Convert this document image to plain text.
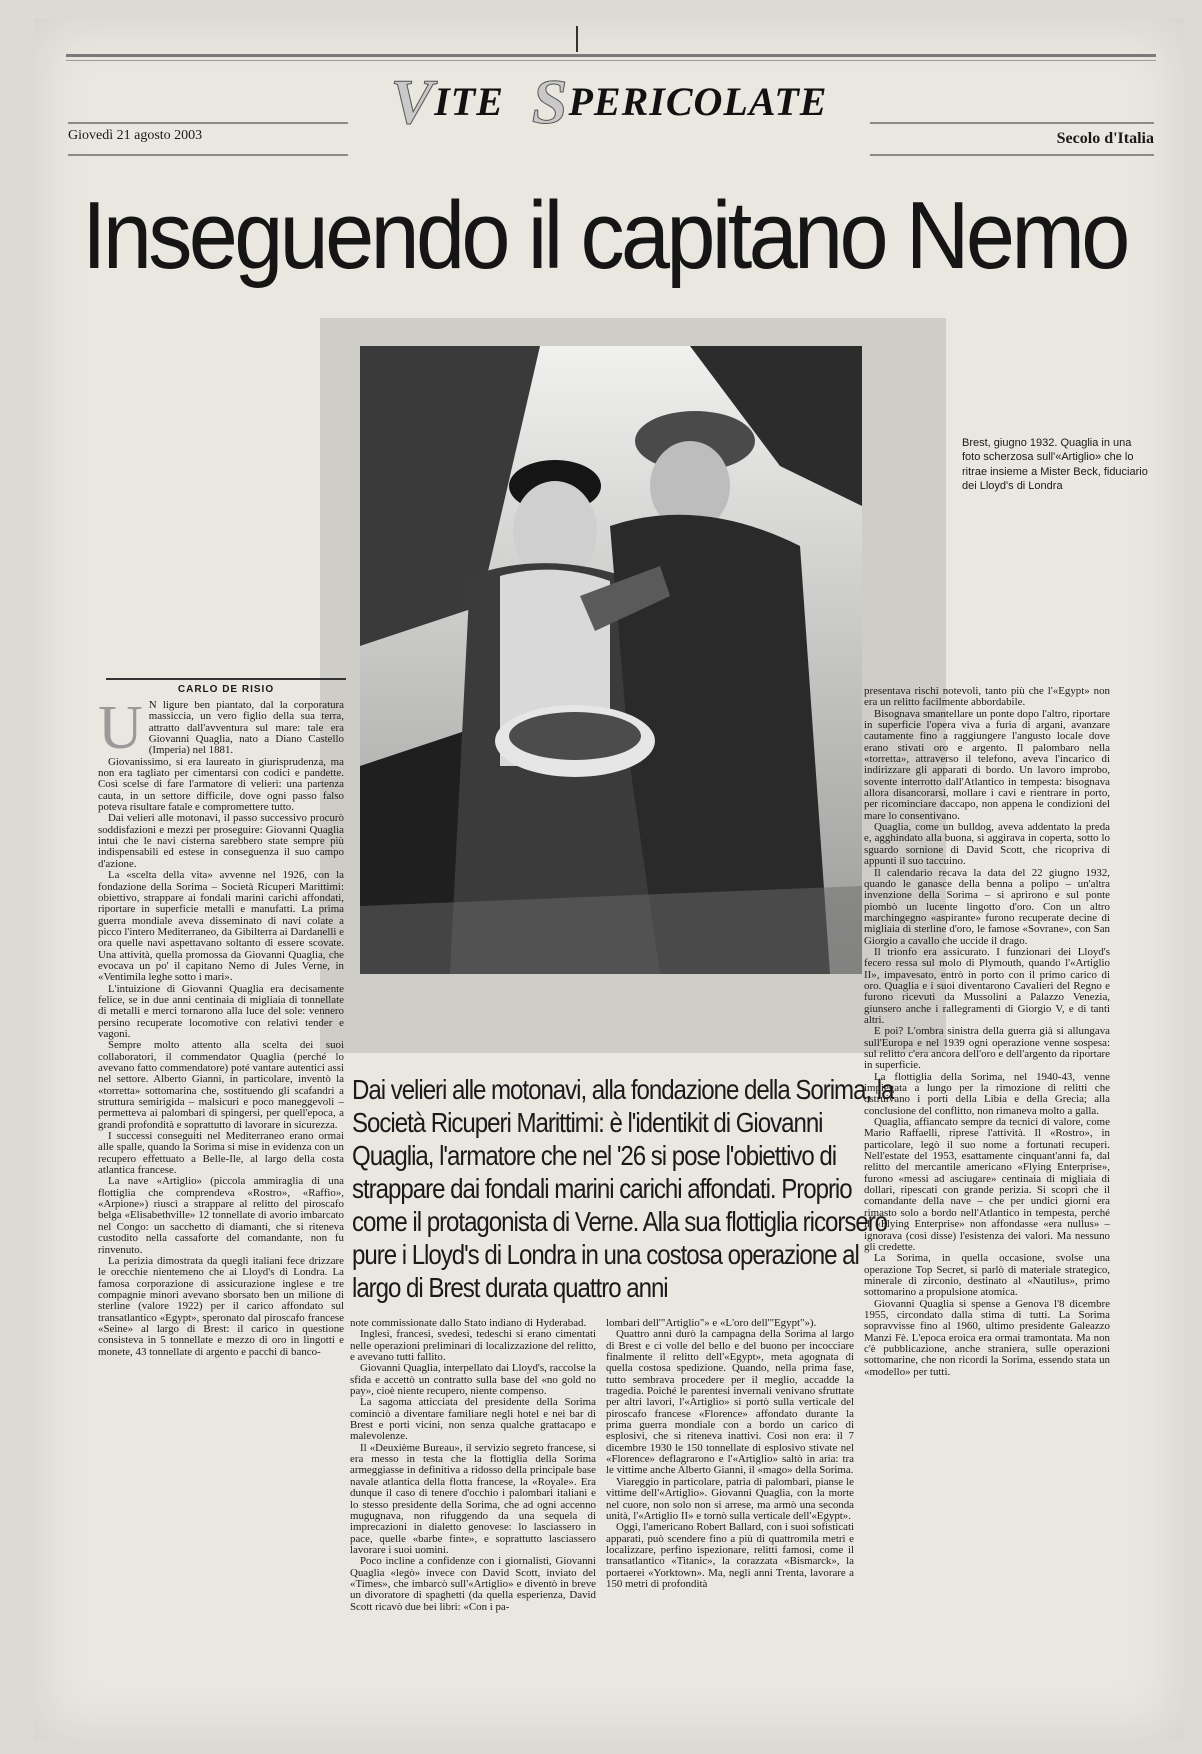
V ITE S PERICOLATE
Giovedì 21 agosto 2003	Secolo d'Italia
Inseguendo il capitano Nemo
Brest, giugno 1932. Quaglia in una foto scherzosa sull'«Artiglio» che lo ritrae insieme a Mister Beck, fiduciario dei Lloyd's di Londra
CARLO DE RISIO
U N ligure ben piantato, dal la corporatura massiccia, un vero figlio della sua terra, attratto dall'avventura sul mare: tale era Giovanni Quaglia, nato a Diano Castello (Imperia) nel 1881.

Giovanissimo, si era laureato in giurisprudenza, ma non era tagliato per cimentarsi con codici e pandette. Così scelse di fare l'armatore di velieri: una partenza cauta, in un settore difficile, dove ogni passo falso poteva risultare fatale e compromettere tutto.

Dai velieri alle motonavi, il passo successivo procurò soddisfazioni e mezzi per proseguire: Giovanni Quaglia intuì che le navi cisterna sarebbero state sempre più indispensabili ed estese in conseguenza il suo campo d'azione.

La «scelta della vita» avvenne nel 1926, con la fondazione della Sorima – Società Ricuperi Marittimi: obiettivo, strappare ai fondali marini carichi affondati, riportare in superficie metalli e manufatti. La prima guerra mondiale aveva disseminato di navi colate a picco l'intero Mediterraneo, da Gibilterra ai Dardanelli e ora quelle navi aspettavano soltanto di essere scovate. Una attività, quella promossa da Giovanni Quaglia, che evocava un po' il capitano Nemo di Jules Verne, in «Ventimila leghe sotto i mari».

L'intuizione di Giovanni Quaglia era decisamente felice, se in due anni centinaia di migliaia di tonnellate di metalli e merci tornarono alla luce del sole: vennero persino recuperate locomotive con relativi tender e vagoni.

Sempre molto attento alla scelta dei suoi collaboratori, il commendator Quaglia (perché lo avevano fatto commendatore) poté vantare autentici assi nel settore. Alberto Gianni, in particolare, inventò la «torretta» sottomarina che, sostituendo gli scafandri a struttura semirigida – malsicuri e poco maneggevoli – permetteva ai palombari di spingersi, per quell'epoca, a grandi profondità e soprattutto di lavorare in sicurezza.

I successi conseguiti nel Mediterraneo erano ormai alle spalle, quando la Sorima si mise in evidenza con un recupero effettuato a Belle-Ile, al largo della costa atlantica francese.

La nave «Artiglio» (piccola ammiraglia di una flottiglia che comprendeva «Rostro», «Raffio», «Arpione») riuscì a strappare al relitto del piroscafo belga «Elisabethville» 12 tonnellate di avorio imbarcato nel Congo: un sacchetto di diamanti, che si riteneva custodito nella cassaforte del comandante, non fu rinvenuto.

La perizia dimostrata da quegli italiani fece drizzare le orecchie nientemeno che ai Lloyd's di Londra. La famosa corporazione di assicurazione inglese e tre compagnie minori avevano sborsato ben un milione di sterline (valore 1922) per il carico affondato sul transatlantico «Egypt», speronato dal piroscafo francese «Seine» al largo di Brest: il carico in questione consisteva in 5 tonnellate e mezzo di oro in lingotti e monete, 43 tonnellate di argento e pacchi di banco-

Dai velieri alle motonavi, alla fondazione della Sorima, la Società Ricuperi Marittimi: è l'identikit di Giovanni Quaglia, l'armatore che nel '26 si pose l'obiettivo di strappare dai fondali marini carichi affondati. Proprio come il protagonista di Verne. Alla sua flottiglia ricorsero pure i Lloyd's di Londra in una costosa operazione al largo di Brest durata quattro anni

note commissionate dallo Stato indiano di Hyderabad.

Inglesi, francesi, svedesi, tedeschi si erano cimentati nelle operazioni preliminari di localizzazione del relitto, e avevano tutti fallito.

Giovanni Quaglia, interpellato dai Lloyd's, raccolse la sfida e accettò un contratto sulla base del «no gold no pay», cioè niente recupero, niente compenso.

La sagoma atticciata del presidente della Sorima cominciò a diventare familiare negli hotel e nei bar di Brest e porti vicini, non senza qualche grattacapo e malevolenze.

Il «Deuxième Bureau», il servizio segreto francese, si era messo in testa che la flottiglia della Sorima armeggiasse in definitiva a ridosso della principale base navale atlantica della flotta francese, la «Royale». Era dunque il caso di tenere d'occhio i palombari italiani e lo stesso presidente della Sorima, che ad ogni accenno mugugnava, non rifuggendo da una sequela di imprecazioni in dialetto genovese: lo lasciassero in pace, quelle «barbe finte», e soprattutto lasciassero lavorare i suoi uomini.

Poco incline a confidenze con i giornalisti, Giovanni Quaglia «legò» invece con David Scott, inviato del «Times», che imbarcò sull'«Artiglio» e diventò in breve un divoratore di spaghetti (da quella esperienza, David Scott ricavò due bei libri: «Con i pa-

lombari dell'"Artiglio"» e «L'oro dell'"Egypt"»).

Quattro anni durò la campagna della Sorima al largo di Brest e ci volle del bello e del buono per incocciare finalmente il relitto dell'«Egypt», meta agognata di quella costosa spedizione. Quando, nella prima fase, tutto sembrava procedere per il meglio, accadde la tragedia. Poiché le parentesi invernali venivano sfruttate per altri lavori, l'«Artiglio» si portò sulla verticale del piroscafo francese «Florence» affondato durante la prima guerra mondiale con a bordo un carico di esplosivi, che si riteneva inattivi. Così non era: il 7 dicembre 1930 le 150 tonnellate di esplosivo stivate nel «Florence» deflagrarono e l'«Artiglio» saltò in aria: tra le vittime anche Alberto Gianni, il «mago» della Sorima.

Viareggio in particolare, patria di palombari, pianse le vittime dell'«Artiglio». Giovanni Quaglia, con la morte nel cuore, non solo non si arrese, ma armò una seconda unità, l'«Artiglio II» e tornò sulla verticale dell'«Egypt».

Oggi, l'americano Robert Ballard, con i suoi sofisticati apparati, può scendere fino a più di quattromila metri e localizzare, perfino ispezionare, relitti famosi, come il transatlantico «Titanic», la corazzata «Bismarck», la portaerei «Yorktown». Ma, negli anni Trenta, lavorare a 150 metri di profondità

presentava rischi notevoli, tanto più che l'«Egypt» non era un relitto facilmente abbordabile.

Bisognava smantellare un ponte dopo l'altro, riportare in superficie l'opera viva a furia di argani, avanzare cautamente fino a raggiungere l'angusto locale dove erano stivati oro e argento. Il palombaro nella «torretta», attraverso il telefono, aveva l'incarico di indirizzare gli apparati di bordo. Un lavoro improbo, sovente interrotto dall'Atlantico in tempesta: bisognava allora disancorarsi, mollare i cavi e rientrare in porto, per ricominciare daccapo, non appena le condizioni del mare lo consentivano.

Quaglia, come un bulldog, aveva addentato la preda e, agghindato alla buona, si aggirava in coperta, sotto lo sguardo sornione di David Scott, che ricopriva di appunti il suo taccuino.

Il calendario recava la data del 22 giugno 1932, quando le ganasce della benna a polipo – un'altra invenzione della Sorima – si aprirono e sul ponte piombò un lucente lingotto d'oro. Con un altro marchingegno «aspirante» furono recuperate decine di migliaia di sterline d'oro, le famose «Sovrane», con San Giorgio a cavallo che uccide il drago.

Il trionfo era assicurato. I funzionari dei Lloyd's fecero ressa sul molo di Plymouth, quando l'«Artiglio II», impavesato, entrò in porto con il primo carico di oro. Quaglia e i suoi diventarono Cavalieri del Regno e furono ricevuti da Mussolini a Palazzo Venezia, giunsero anche i rallegramenti di Giorgio V, e di tanti altri.

E poi? L'ombra sinistra della guerra già si allungava sull'Europa e nel 1939 ogni operazione venne sospesa: sul relitto c'era ancora dell'oro e dell'argento da riportare in superficie.

La flottiglia della Sorima, nel 1940-43, venne impiegata a lungo per la rimozione di relitti che ostruivano i porti della Libia e della Grecia; alla conclusione del conflitto, non rimaneva molto a galla.

Quaglia, affiancato sempre da tecnici di valore, come Mario Raffaelli, riprese l'attività. Il «Rostro», in particolare, legò il suo nome a fortunati recuperi. Nell'estate del 1953, esattamente cinquant'anni fa, dal relitto del mercantile americano «Flying Enterprise», furono «messi ad asciugare» centinaia di migliaia di dollari, ripescati con grande perizia. Si scoprì che il comandante della nave – che per undici giorni era rimasto solo a bordo nell'Atlantico in tempesta, perché il «Flying Enterprise» non affondasse «era nullus» – ignorava (così disse) l'esistenza dei valori. Ma nessuno gli credette.

La Sorima, in quella occasione, svolse una operazione Top Secret, si parlò di materiale strategico, minerale di zirconio, destinato al «Nautilus», primo sottomarino a propulsione atomica.

Giovanni Quaglia si spense a Genova l'8 dicembre 1955, circondato dalla stima di tutti. La Sorima sopravvisse fino al 1960, ultimo presidente Galeazzo Manzi Fè. L'epoca eroica era ormai tramontata. Ma non c'è pubblicazione, anche straniera, sulle operazioni sottomarine, che non ricordi la Sorima, essendo stata un «modello» per tutti.
